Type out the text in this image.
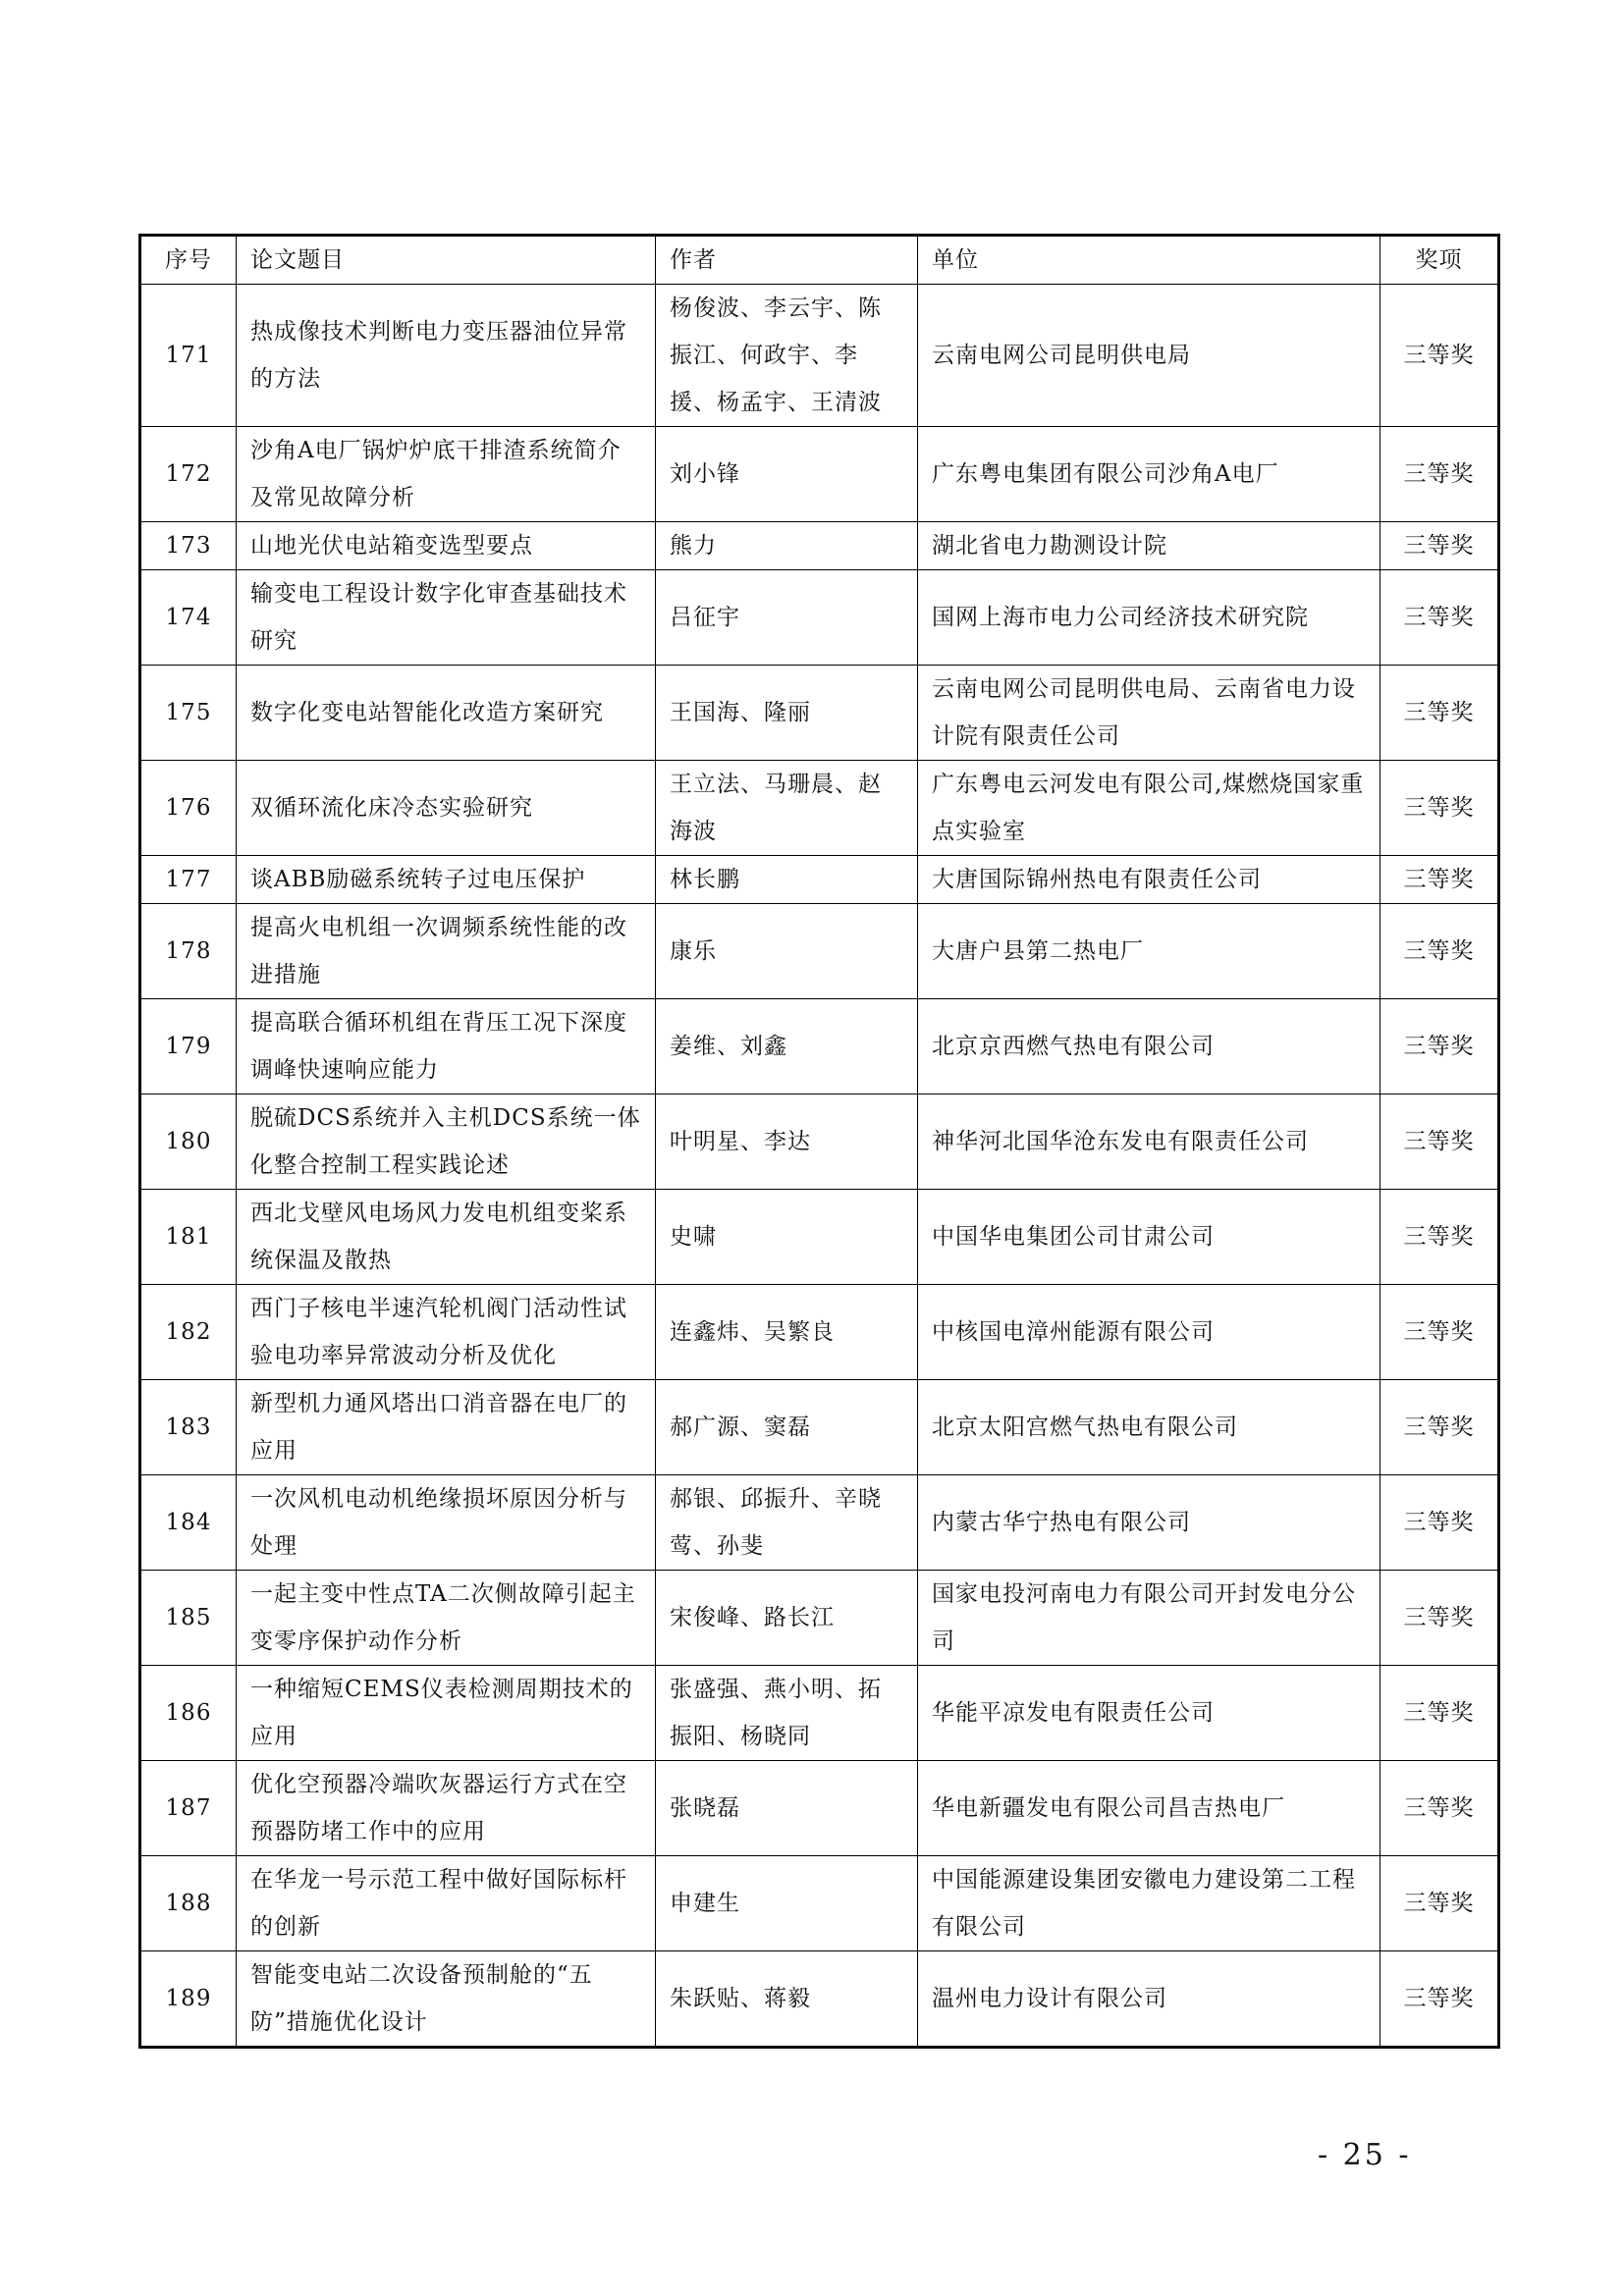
序号	论文题目	作者	单位	奖项
171	热成像技术判断电力变压器油位异常的方法	杨俊波、李云宇、陈振江、何政宇、李援、杨孟宇、王清波	云南电网公司昆明供电局	三等奖
172	沙角A电厂锅炉炉底干排渣系统简介及常见故障分析	刘小锋	广东粤电集团有限公司沙角A电厂	三等奖
173	山地光伏电站箱变选型要点	熊力	湖北省电力勘测设计院	三等奖
174	输变电工程设计数字化审查基础技术研究	吕征宇	国网上海市电力公司经济技术研究院	三等奖
175	数字化变电站智能化改造方案研究	王国海、隆丽	云南电网公司昆明供电局、云南省电力设计院有限责任公司	三等奖
176	双循环流化床冷态实验研究	王立法、马珊晨、赵海波	广东粤电云河发电有限公司,煤燃烧国家重点实验室	三等奖
177	谈ABB励磁系统转子过电压保护	林长鹏	大唐国际锦州热电有限责任公司	三等奖
178	提高火电机组一次调频系统性能的改进措施	康乐	大唐户县第二热电厂	三等奖
179	提高联合循环机组在背压工况下深度调峰快速响应能力	姜维、刘鑫	北京京西燃气热电有限公司	三等奖
180	脱硫DCS系统并入主机DCS系统一体化整合控制工程实践论述	叶明星、李达	神华河北国华沧东发电有限责任公司	三等奖
181	西北戈壁风电场风力发电机组变桨系统保温及散热	史啸	中国华电集团公司甘肃公司	三等奖
182	西门子核电半速汽轮机阀门活动性试验电功率异常波动分析及优化	连鑫炜、吴繁良	中核国电漳州能源有限公司	三等奖
183	新型机力通风塔出口消音器在电厂的应用	郝广源、窦磊	北京太阳宫燃气热电有限公司	三等奖
184	一次风机电动机绝缘损坏原因分析与处理	郝银、邱振升、辛晓莺、孙斐	内蒙古华宁热电有限公司	三等奖
185	一起主变中性点TA二次侧故障引起主变零序保护动作分析	宋俊峰、路长江	国家电投河南电力有限公司开封发电分公司	三等奖
186	一种缩短CEMS仪表检测周期技术的应用	张盛强、燕小明、拓振阳、杨晓同	华能平凉发电有限责任公司	三等奖
187	优化空预器冷端吹灰器运行方式在空预器防堵工作中的应用	张晓磊	华电新疆发电有限公司昌吉热电厂	三等奖
188	在华龙一号示范工程中做好国际标杆的创新	申建生	中国能源建设集团安徽电力建设第二工程有限公司	三等奖
189	智能变电站二次设备预制舱的“五防”措施优化设计	朱跃贴、蒋毅	温州电力设计有限公司	三等奖
- 25 -
